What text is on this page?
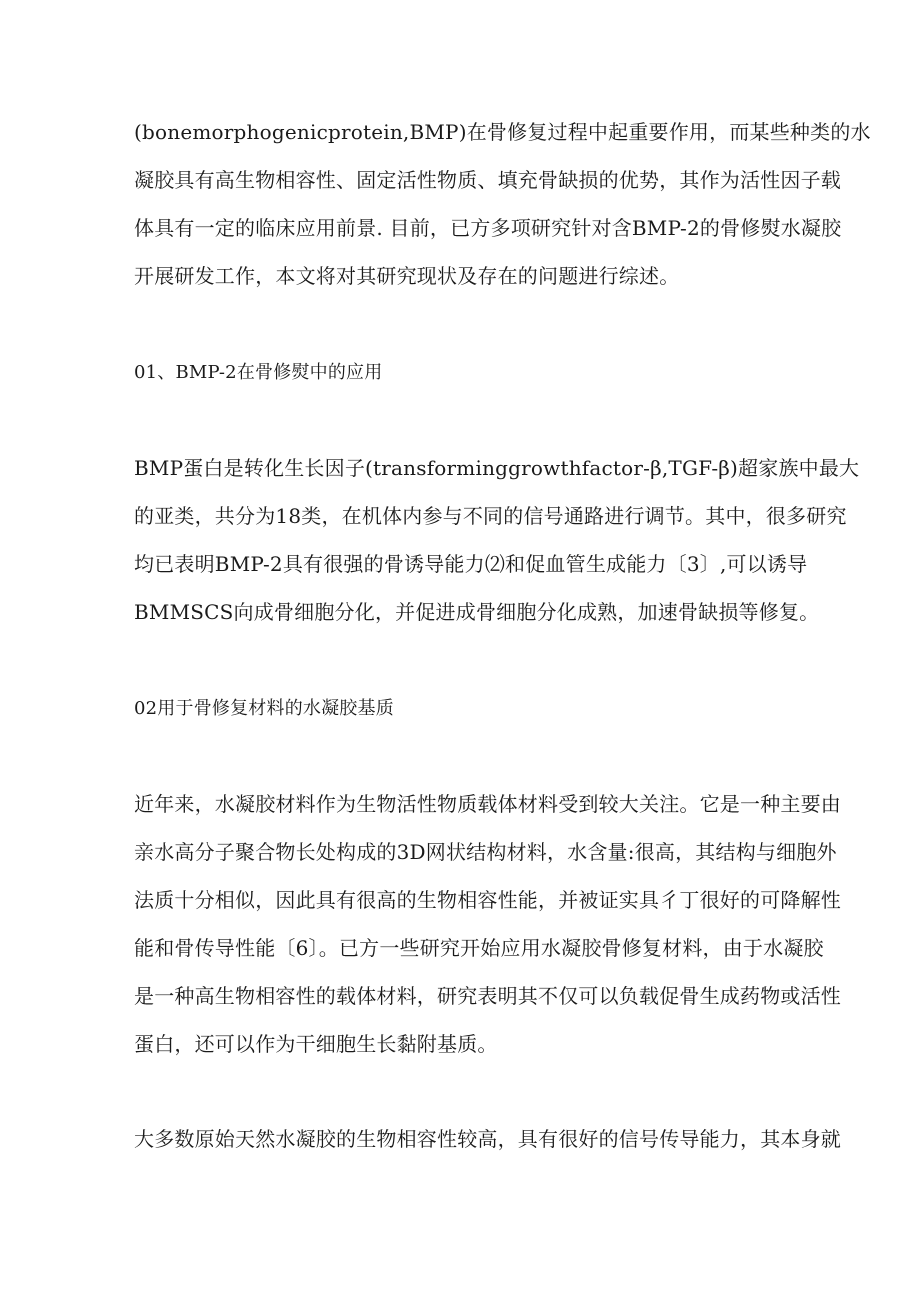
(bonemorphogenicprotein,BMP)在骨修复过程中起重要作用，而某些种类的水
凝胶具有高生物相容性、固定活性物质、填充骨缺损的优势，其作为活性因子载
体具有一定的临床应用前景. 目前，已方多项研究针对含BMP-2的骨修熨水凝胶
开展研发工作，本文将对其研究现状及存在的问题进行综述。
01、BMP-2在骨修熨中的应用
BMP蛋白是转化生长因子(transforminggrowthfactor-β,TGF-β)超家族中最大
的亚类，共分为18类，在机体内参与不同的信号通路进行调节。其中，很多研究
均已表明BMP-2具有很强的骨诱导能力⑵和促血管生成能力〔3〕,可以诱导
BMMSCS向成骨细胞分化，并促进成骨细胞分化成熟，加速骨缺损等修复。
02用于骨修复材料的水凝胶基质
近年来，水凝胶材料作为生物活性物质载体材料受到较大关注。它是一种主要由
亲水高分子聚合物长处构成的3D网状结构材料，水含量:很高，其结构与细胞外
法质十分相似，因此具有很高的生物相容性能，并被证实具彳丁很好的可降解性
能和骨传导性能〔6〕。已方一些研究开始应用水凝胶骨修复材料，由于水凝胶
是一种高生物相容性的载体材料，研究表明其不仅可以负载促骨生成药物或活性
蛋白，还可以作为干细胞生长黏附基质。
大多数原始天然水凝胶的生物相容性较高，具有很好的信号传导能力，其本身就
